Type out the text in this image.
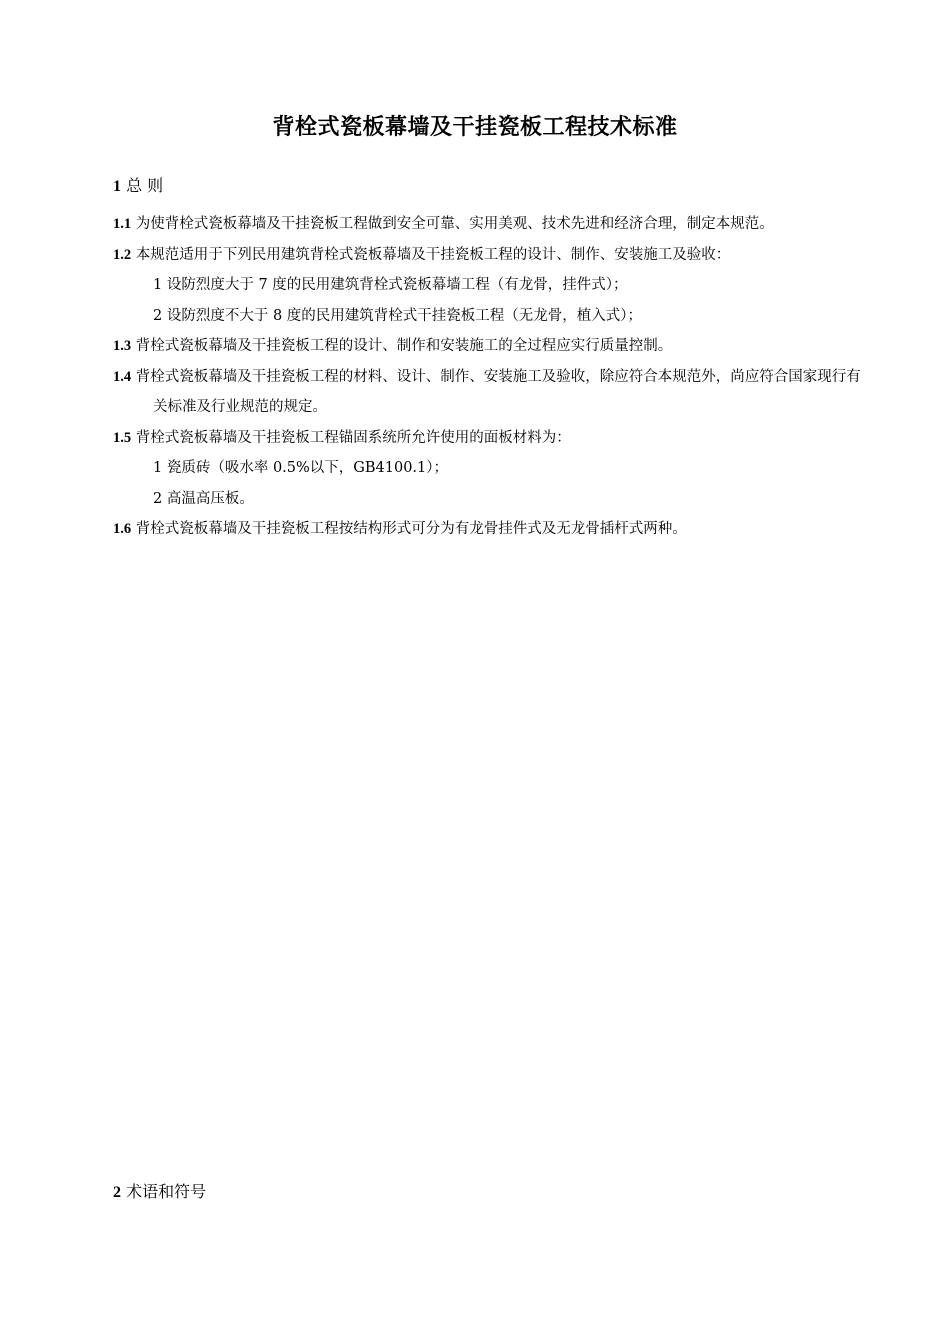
背栓式瓷板幕墙及干挂瓷板工程技术标准
1 总 则

1.1 为使背栓式瓷板幕墙及干挂瓷板工程做到安全可靠、实用美观、技术先进和经济合理，制定本规范。

1.2 本规范适用于下列民用建筑背栓式瓷板幕墙及干挂瓷板工程的设计、制作、安装施工及验收：

1 设防烈度大于 7 度的民用建筑背栓式瓷板幕墙工程（有龙骨，挂件式）；

2 设防烈度不大于 8 度的民用建筑背栓式干挂瓷板工程（无龙骨，植入式）；

1.3 背栓式瓷板幕墙及干挂瓷板工程的设计、制作和安装施工的全过程应实行质量控制。

1.4 背栓式瓷板幕墙及干挂瓷板工程的材料、设计、制作、安装施工及验收，除应符合本规范外，尚应符合国家现行有关标准及行业规范的规定。

1.5 背栓式瓷板幕墙及干挂瓷板工程锚固系统所允许使用的面板材料为：

1 瓷质砖（吸水率 0.5%以下，GB4100.1）；

2 高温高压板。

1.6 背栓式瓷板幕墙及干挂瓷板工程按结构形式可分为有龙骨挂件式及无龙骨插杆式两种。

2 术语和符号
